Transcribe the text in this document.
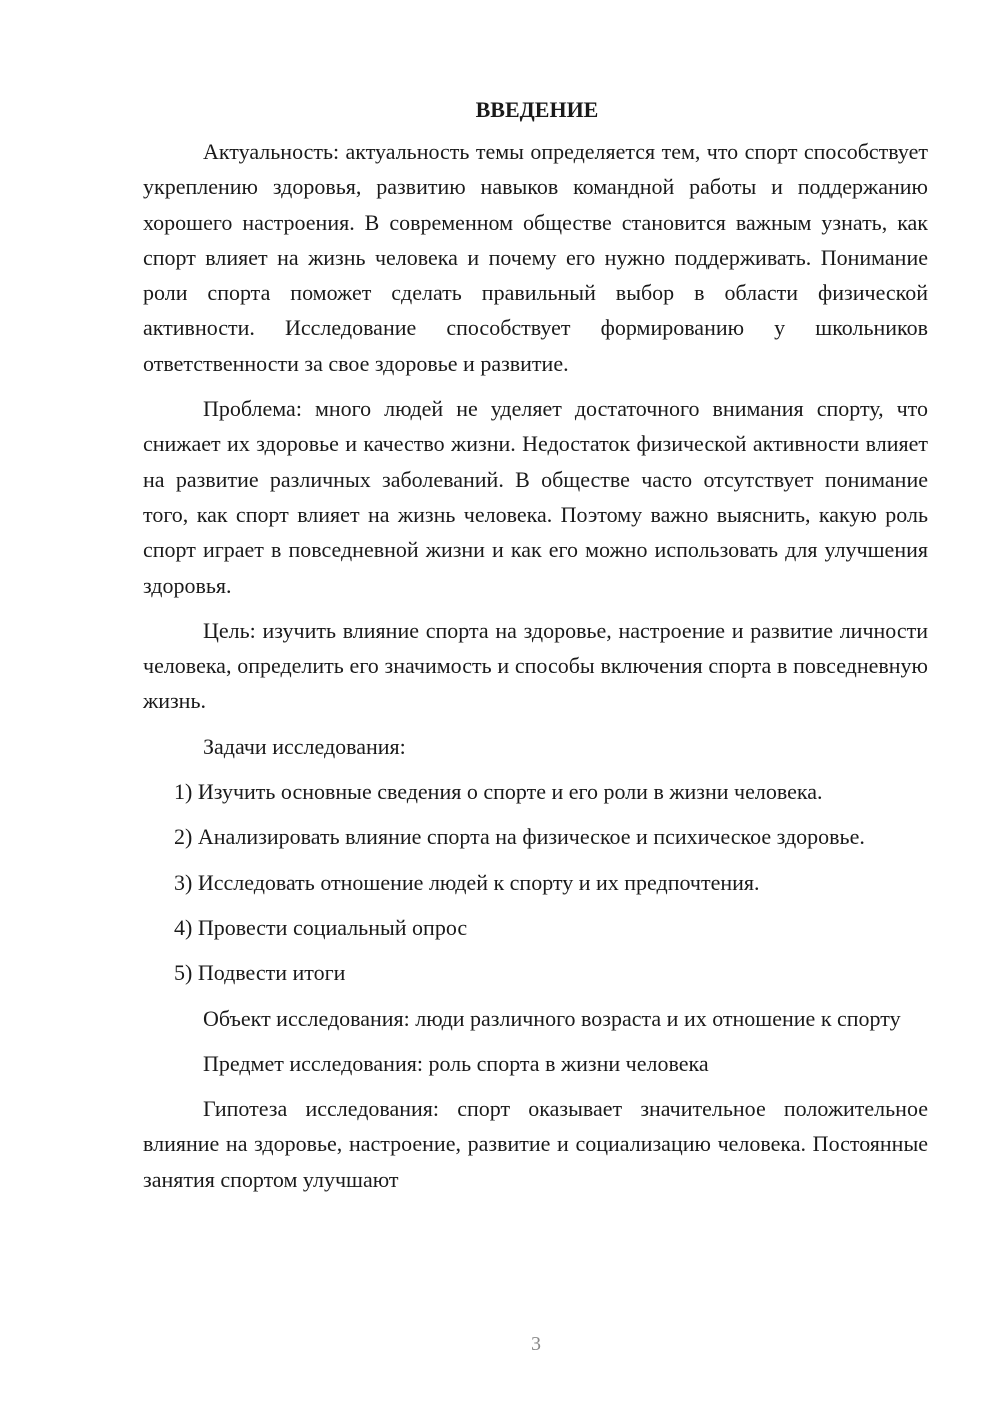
ВВЕДЕНИЕ

Актуальность: актуальность темы определяется тем, что спорт способствует укреплению здоровья, развитию навыков командной работы и поддержанию хорошего настроения. В современном обществе становится важным узнать, как спорт влияет на жизнь человека и почему его нужно поддерживать. Понимание роли спорта поможет сделать правильный выбор в области физической активности. Исследование способствует формированию у школьников ответственности за свое здоровье и развитие.

Проблема: много людей не уделяет достаточного внимания спорту, что снижает их здоровье и качество жизни. Недостаток физической активности влияет на развитие различных заболеваний. В обществе часто отсутствует понимание того, как спорт влияет на жизнь человека. Поэтому важно выяснить, какую роль спорт играет в повседневной жизни и как его можно использовать для улучшения здоровья.

Цель: изучить влияние спорта на здоровье, настроение и развитие личности человека, определить его значимость и способы включения спорта в повседневную жизнь.

Задачи исследования:

1) Изучить основные сведения о спорте и его роли в жизни человека.

2) Анализировать влияние спорта на физическое и психическое здоровье.

3) Исследовать отношение людей к спорту и их предпочтения.

4) Провести социальный опрос

5) Подвести итоги

Объект исследования: люди различного возраста и их отношение к спорту

Предмет исследования: роль спорта в жизни человека

Гипотеза исследования: спорт оказывает значительное положительное влияние на здоровье, настроение, развитие и социализацию человека. Постоянные занятия спортом улучшают

3
